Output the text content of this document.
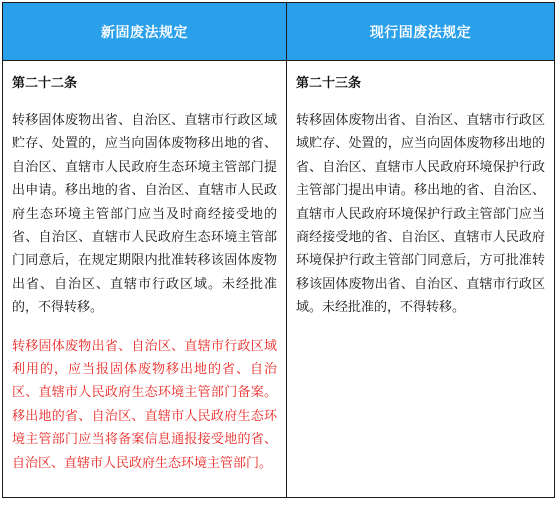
新固废法规定	现行固废法规定
第二十二条
转移固体废物出省、自治区、直辖市行政区域贮存、处置的，应当向固体废物移出地的省、自治区、直辖市人民政府生态环境主管部门提出申请。移出地的省、自治区、直辖市人民政府生态环境主管部门应当及时商经接受地的省、自治区、直辖市人民政府生态环境主管部门同意后，在规定期限内批准转移该固体废物出省、自治区、直辖市行政区域。未经批准的，不得转移。
转移固体废物出省、自治区、直辖市行政区域利用的，应当报固体废物移出地的省、自治区、直辖市人民政府生态环境主管部门备案。移出地的省、自治区、直辖市人民政府生态环境主管部门应当将备案信息通报接受地的省、自治区、直辖市人民政府生态环境主管部门。
第二十三条
转移固体废物出省、自治区、直辖市行政区域贮存、处置的，应当向固体废物移出地的省、自治区、直辖市人民政府环境保护行政主管部门提出申请。移出地的省、自治区、直辖市人民政府环境保护行政主管部门应当商经接受地的省、自治区、直辖市人民政府环境保护行政主管部门同意后，方可批准转移该固体废物出省、自治区、直辖市行政区域。未经批准的，不得转移。
